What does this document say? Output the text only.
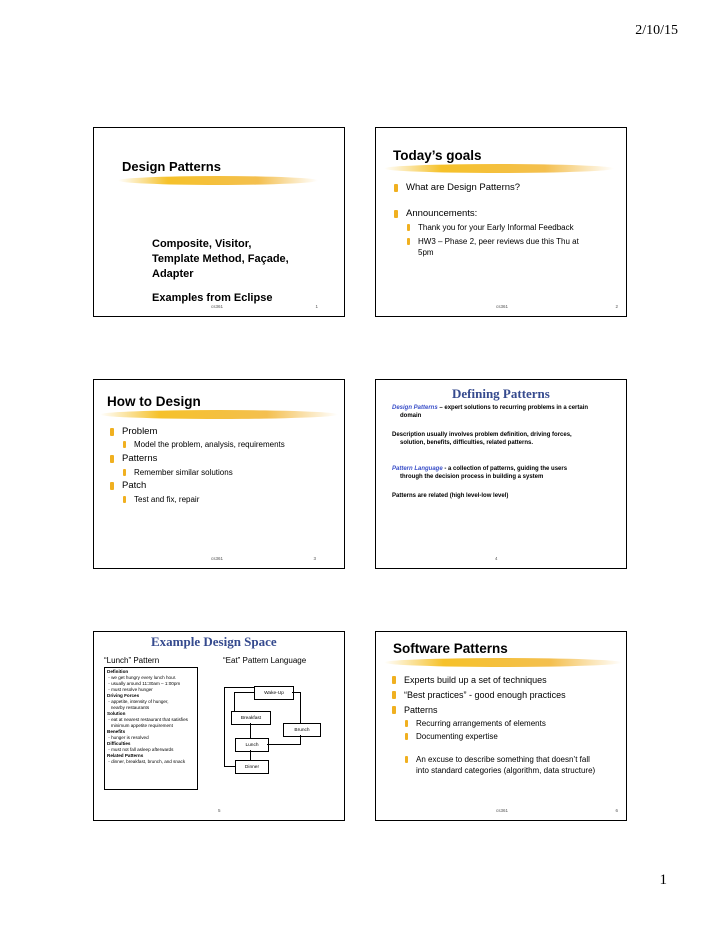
2/10/15
Design Patterns
Composite, Visitor,
Template Method, Façade,
Adapter
Examples from Eclipse
cs361	1
Today’s goals
What are Design Patterns?
Announcements:
Thank you for your Early Informal Feedback
HW3 – Phase 2, peer reviews due this Thu at
5pm
cs361	2
How to Design
Problem
Model the problem, analysis, requirements
Patterns
Remember similar solutions
Patch
Test and fix, repair
cs361	3
Defining Patterns
Design Patterns – expert solutions to recurring problems in a certain
domain
Description usually involves problem definition, driving forces,
solution, benefits, difficulties, related patterns.
Pattern Language - a collection of patterns, guiding the users
through the decision process in building a system
Patterns are related (high level-low level)
4
Example Design Space
“Lunch” Pattern	“Eat” Pattern Language
Definition
- we get hungry every lunch hour.
- usually around 11:30am – 1:00pm
- must resolve hunger
Driving Forces
- appetite, intensity of hunger,
nearby restaurants
Solution
- eat at nearest restaurant that satisfies
minimum appetite requirement
Benefits
- hunger is resolved
Difficulties
- must not fall asleep afterwards
Related Patterns
- dinner, breakfast, brunch, and snack
Wake-Up
Breakfast
Brunch
Lunch
Dinner
5
Software Patterns
Experts build up a set of techniques
“Best practices” - good enough practices
Patterns
Recurring arrangements of elements
Documenting expertise
An excuse to describe something that doesn’t fall
into standard categories (algorithm, data structure)
cs361	6
1
